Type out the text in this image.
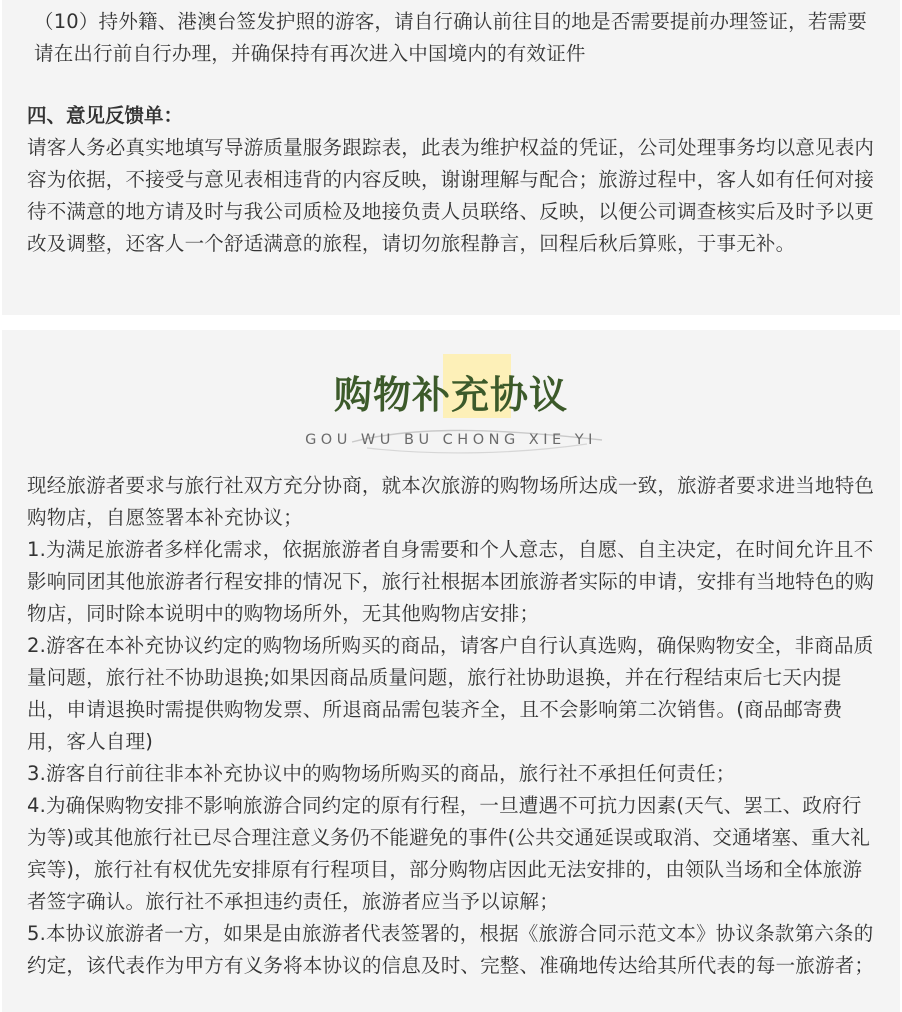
（10）持外籍、港澳台签发护照的游客，请自行确认前往目的地是否需要提前办理签证，若需要请在出行前自行办理，并确保持有再次进入中国境内的有效证件

四、意见反馈单：

请客人务必真实地填写导游质量服务跟踪表，此表为维护权益的凭证，公司处理事务均以意见表内容为依据，不接受与意见表相违背的内容反映，谢谢理解与配合；旅游过程中，客人如有任何对接待不满意的地方请及时与我公司质检及地接负责人员联络、反映，以便公司调查核实后及时予以更改及调整，还客人一个舒适满意的旅程，请切勿旅程静言，回程后秋后算账，于事无补。

购物补充协议

GOU WU BU CHONG XIE YI

现经旅游者要求与旅行社双方充分协商，就本次旅游的购物场所达成一致，旅游者要求进当地特色购物店，自愿签署本补充协议；

1.为满足旅游者多样化需求，依据旅游者自身需要和个人意志，自愿、自主决定，在时间允许且不影响同团其他旅游者行程安排的情况下，旅行社根据本团旅游者实际的申请，安排有当地特色的购物店，同时除本说明中的购物场所外，无其他购物店安排；

2.游客在本补充协议约定的购物场所购买的商品，请客户自行认真选购，确保购物安全，非商品质量问题，旅行社不协助退换;如果因商品质量问题，旅行社协助退换，并在行程结束后七天内提出，申请退换时需提供购物发票、所退商品需包装齐全，且不会影响第二次销售。(商品邮寄费用，客人自理)

3.游客自行前往非本补充协议中的购物场所购买的商品，旅行社不承担任何责任；

4.为确保购物安排不影响旅游合同约定的原有行程，一旦遭遇不可抗力因素(天气、罢工、政府行为等)或其他旅行社已尽合理注意义务仍不能避免的事件(公共交通延误或取消、交通堵塞、重大礼宾等)，旅行社有权优先安排原有行程项目，部分购物店因此无法安排的，由领队当场和全体旅游者签字确认。旅行社不承担违约责任，旅游者应当予以谅解；

5.本协议旅游者一方，如果是由旅游者代表签署的，根据《旅游合同示范文本》协议条款第六条的约定，该代表作为甲方有义务将本协议的信息及时、完整、准确地传达给其所代表的每一旅游者；
